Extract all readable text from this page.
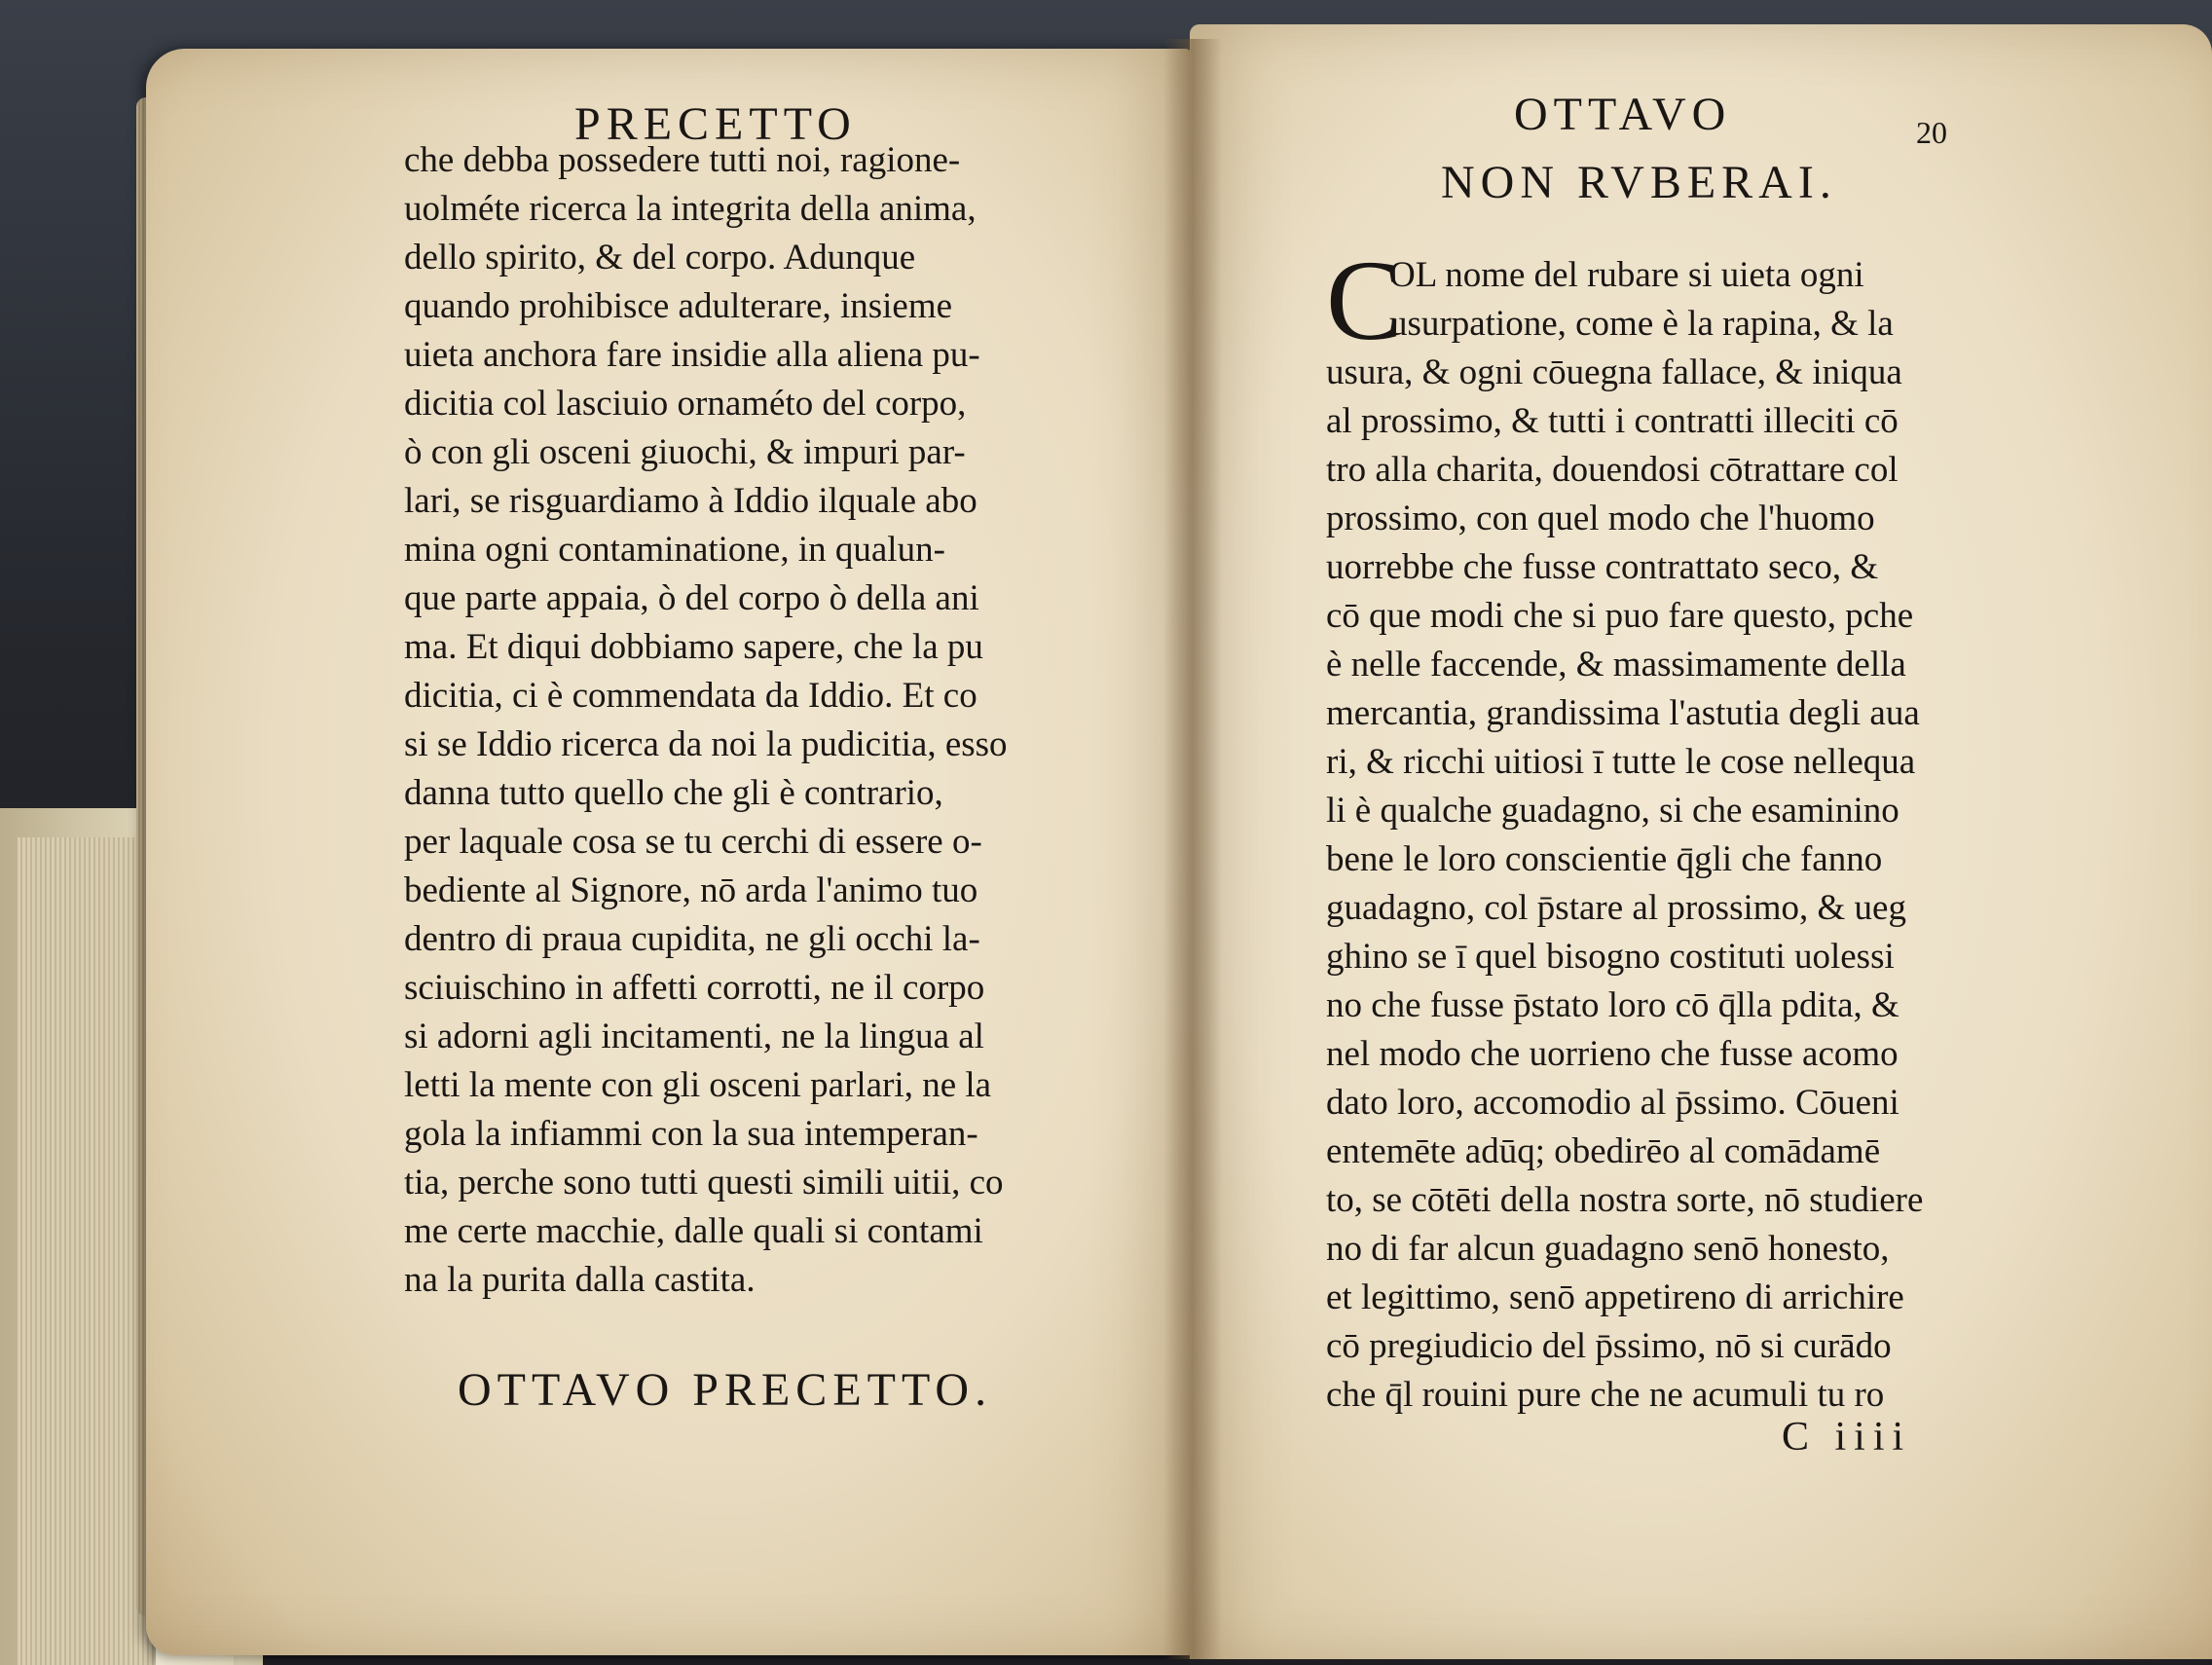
PRECETTO
che debba possedere tutti noi, ragione-
uolméte ricerca la integrita della anima,
dello spirito, & del corpo. Adunque
quando prohibisce adulterare, insieme
uieta anchora fare insidie alla aliena pu-
dicitia col lasciuio ornaméto del corpo,
ò con gli osceni giuochi, & impuri par-
lari, se risguardiamo à Iddio ilquale abo
mina ogni contaminatione, in qualun-
que parte appaia, ò del corpo ò della ani
ma. Et diqui dobbiamo sapere, che la pu
dicitia, ci è commendata da Iddio. Et co
si se Iddio ricerca da noi la pudicitia, esso
danna tutto quello che gli è contrario,
per laquale cosa se tu cerchi di essere o-
bediente al Signore, nō arda l'animo tuo
dentro di praua cupidita, ne gli occhi la-
sciuischino in affetti corrotti, ne il corpo
si adorni agli incitamenti, ne la lingua al
letti la mente con gli osceni parlari, ne la
gola la infiammi con la sua intemperan-
tia, perche sono tutti questi simili uitii, co
me certe macchie, dalle quali si contami
na la purita dalla castita.
OTTAVO PRECETTO.
OTTAVO	20
NON RVBERAI.
C
OL nome del rubare si uieta ogni
usurpatione, come è la rapina, & la
usura, & ogni cōuegna fallace, & iniqua
al prossimo, & tutti i contratti illeciti cō
tro alla charita, douendosi cōtrattare col
prossimo, con quel modo che l'huomo
uorrebbe che fusse contrattato seco, &
cō que modi che si puo fare questo, pche
è nelle faccende, & massimamente della
mercantia, grandissima l'astutia degli aua
ri, & ricchi uitiosi ī tutte le cose nellequa
li è qualche guadagno, si che esaminino
bene le loro conscientie q̄gli che fanno
guadagno, col p̄stare al prossimo, & ueg
ghino se ī quel bisogno costituti uolessi
no che fusse p̄stato loro cō q̄lla pdita, &
nel modo che uorrieno che fusse acomo
dato loro, accomodio al p̄ssimo. Cōueni
entemēte adūq; obedirēo al comādamē
to, se cōtēti della nostra sorte, nō studiere
no di far alcun guadagno senō honesto,
et legittimo, senō appetireno di arrichire
cō pregiudicio del p̄ssimo, nō si curādo
che q̄l rouini pure che ne acumuli tu ro
C iiii
